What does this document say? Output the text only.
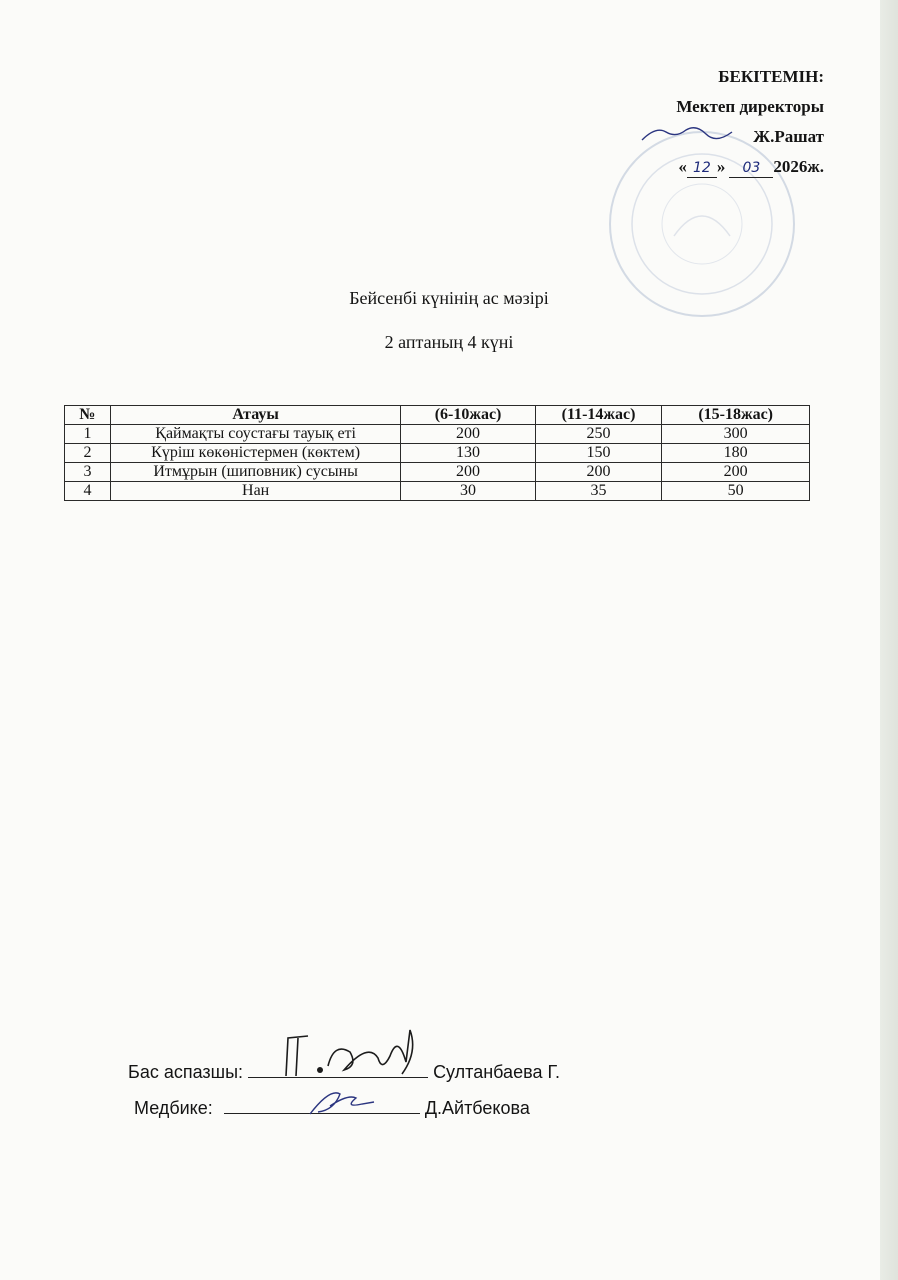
БЕКІТЕМІН:
Мектеп директоры
Ж.Рашат
« 12 » 03 2026ж.
Бейсенбі күнінің ас мәзірі
2 аптаның 4 күні
№	Атауы	(6-10жас)	(11-14жас)	(15-18жас)
1	Қаймақты соустағы тауық еті	200	250	300
2	Күріш көкөністермен (көктем)	130	150	180
3	Итмұрын (шиповник) сусыны	200	200	200
4	Нан	30	35	50
Бас аспазшы:	Султанбаева Г.
Медбике:	Д.Айтбекова
